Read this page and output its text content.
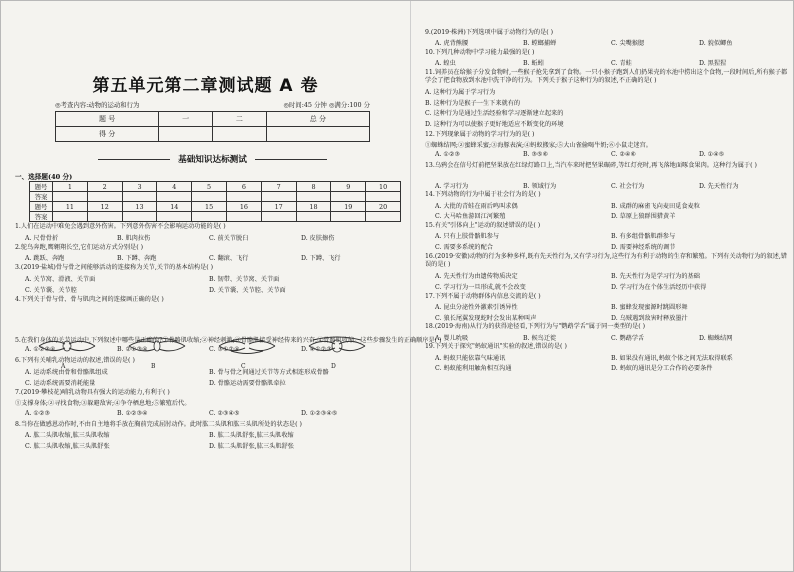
第五单元第二章测试题 A 卷
◎考查内容:动物的运动和行为	◎时间:45 分钟 ◎满分:100 分
题 号	一	二	总 分
得 分			
基础知识达标测试
一、选择题(40 分)
题号	1	2	3	4	5	6	7	8	9	10
答案										
题号	11	12	13	14	15	16	17	18	19	20
答案										
1.人们在运动中难免会遇到意外伤害。下列意外伤害不会影响运动功能的是( )
A. 尺骨骨折	B. 肌肉拉伤	C. 前关节脱臼	D. 皮肤擦伤
2.鸵鸟奔跑,鹰翱翔长空,它们运动方式分别是( )
A. 跳跃、奔跑	B. 下蹲、奔跑	C. 翻滚、飞行	D. 下蹲、飞行
3.(2019·盐城)骨与骨之间能够活动的连接称为关节,关节的基本结构是( )
A. 关节窝、滑液、关节面	B. 韧带、关节窝、关节面
C. 关节囊、关节腔	D. 关节囊、关节腔、关节面
4.下列关于骨与骨、骨与肌肉之间的连接画正确的是( )
5.在我们身体的关节运动中,下列叙述中哪些是正确的?①骨骼肌收缩;②神经刺激;③骨骼肌接受神经传来的兴奋;④骨骼肌收缩。这些步骤发生的正确顺序是( )
A. ①②③④	B. ②①③④	C. ③①②④	D. ④①②③
6.下列有关哺乳动物运动的叙述,错误的是( )
A. 运动系统由骨和骨骼肌组成	B. 骨与骨之间通过关节等方式相连形成骨骼
C. 运动系统需要消耗能量	D. 骨骼运动需要骨骼肌牵拉
7.(2019·攀枝花)哺乳动物具有强大的运动能力,有利于( )
①支撑身体;②寻找食物;③躲避敌害;④争夺栖息地;⑤繁殖后代。
A. ①②③	B. ①②③④	C. ②③④⑤	D. ①②③④⑤
8.当你在做感恩动作时,不由自主地将手放在胸前完成屈肘动作。此时肱二头肌和肱三头肌所处的状态是( )
A. 肱二头肌收缩,肱三头肌收缩	B. 肱二头肌舒张,肱三头肌收缩
C. 肱二头肌收缩,肱三头肌舒张	D. 肱二头肌舒张,肱三头肌舒张
A	B	C	D
9.(2019·株洲)下列选项中属于动物行为的是( )
A. 虎背熊腰	B. 螳螂捕蝉	C. 尖嘴猴腮	D. 貌似鲫鱼
10.下列几种动物中学习能力最强的是( )
A. 蝗虫	B. 蚯蚓	C. 青蛙	D. 黑猩猩
11.饲养员在给猴子分发食物时,一些猴子抢先拿到了食物。一只小猴子跑到人们扔果壳的水池中捞出这个食物,一段时间后,所有猴子都学会了把食物放到水池中洗干净的行为。下列关于猴子这种行为的叙述,不正确的是( )
A. 这种行为属于学习行为
B. 这种行为是猴子一生下来就有的
C. 这种行为是通过生活经验和学习逐渐建立起来的
D. 这种行为可以使猴子更好地适应不断变化的环境
12.下列现象属于动物的学习行为的是( )
①蜘蛛结网;②蜜蜂采蜜;③海豚表演;④蚂蚁搬家;⑤大山雀偷喝牛奶;⑥小鼠走迷宫。
A. ①②③	B. ③⑤⑥	C. ②④⑥	D. ①④⑤
13.乌鸦会在信号灯前把坚果放在红绿灯路口上,当汽车来时把坚果碾碎,等红灯亮时,再飞落地面啄食果肉。这种行为属于( )
A. 学习行为	B. 领域行为	C. 社会行为	D. 先天性行为
14.下列动物的行为中属于社会行为的是( )
A. 大批的青蛙在雨后鸣叫求偶	B. 成群的麻雀飞向麦田觅食麦粒
C. 大马哈鱼游回江河繁殖	D. 草原上狼群围猎黄羊
15.有关"引体向上"运动的叙述错误的是( )
A. 只有上肢骨骼肌参与	B. 有多组骨骼肌群参与
C. 需要多系统的配合	D. 需要神经系统的调节
16.(2019·安徽)动物的行为多种多样,既有先天性行为,又有学习行为,这些行为有利于动物的生存和繁殖。下列有关动物行为的叙述,错误的是( )
A. 先天性行为由遗传物质决定	B. 先天性行为是学习行为的基础
C. 学习行为一旦形成,就不会改变	D. 学习行为在个体生活经历中获得
17.下列不属于动物群体内信息交流的是( )
A. 昆虫分泌性外激素引诱异性	B. 蜜蜂发现蜜源时跳圆形舞
C. 狼长尾翼发现蛇时会发出某种叫声	D. 乌贼遇到敌害时释放墨汁
18.(2019·海南)从行为的获得途径看,下列行为与"鹦鹉学舌"属于同一类型的是( )
A. 婴儿吮吸	B. 候鸟迁徙	C. 鹦鹉学舌	D. 蜘蛛结网
19.下列关于探究"蚂蚁通讯"实验的叙述,错误的是( )
A. 蚂蚁只能依靠气味通讯	B. 如果没有通讯,蚂蚁个体之间无法取得联系
C. 蚂蚁能利用触角相互沟通	D. 蚂蚁的通讯是分工合作的必要条件
